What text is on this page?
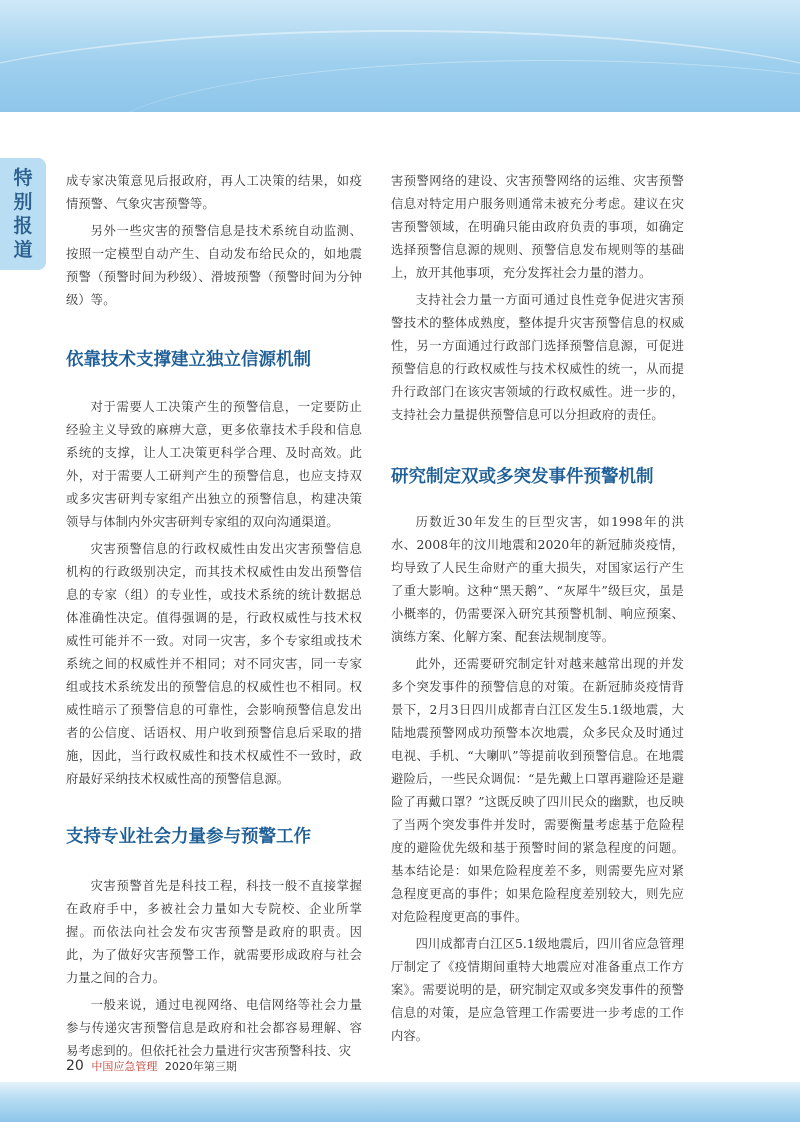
特
别
报
道

成专家决策意见后报政府，再人工决策的结果，如疫情预警、气象灾害预警等。

另外一些灾害的预警信息是技术系统自动监测、按照一定模型自动产生、自动发布给民众的，如地震预警（预警时间为秒级）、滑坡预警（预警时间为分钟级）等。

依靠技术支撑建立独立信源机制

对于需要人工决策产生的预警信息，一定要防止经验主义导致的麻痹大意，更多依靠技术手段和信息系统的支撑，让人工决策更科学合理、及时高效。此外，对于需要人工研判产生的预警信息，也应支持双或多灾害研判专家组产出独立的预警信息，构建决策领导与体制内外灾害研判专家组的双向沟通渠道。

灾害预警信息的行政权威性由发出灾害预警信息机构的行政级别决定，而其技术权威性由发出预警信息的专家（组）的专业性，或技术系统的统计数据总体准确性决定。值得强调的是，行政权威性与技术权威性可能并不一致。对同一灾害，多个专家组或技术系统之间的权威性并不相同；对不同灾害，同一专家组或技术系统发出的预警信息的权威性也不相同。权威性暗示了预警信息的可靠性，会影响预警信息发出者的公信度、话语权、用户收到预警信息后采取的措施，因此，当行政权威性和技术权威性不一致时，政府最好采纳技术权威性高的预警信息源。

支持专业社会力量参与预警工作

灾害预警首先是科技工程，科技一般不直接掌握在政府手中，多被社会力量如大专院校、企业所掌握。而依法向社会发布灾害预警是政府的职责。因此，为了做好灾害预警工作，就需要形成政府与社会力量之间的合力。

一般来说，通过电视网络、电信网络等社会力量参与传递灾害预警信息是政府和社会都容易理解、容易考虑到的。但依托社会力量进行灾害预警科技、灾

害预警网络的建设、灾害预警网络的运维、灾害预警信息对特定用户服务则通常未被充分考虑。建议在灾害预警领域，在明确只能由政府负责的事项，如确定选择预警信息源的规则、预警信息发布规则等的基础上，放开其他事项，充分发挥社会力量的潜力。

支持社会力量一方面可通过良性竞争促进灾害预警技术的整体成熟度，整体提升灾害预警信息的权威性，另一方面通过行政部门选择预警信息源，可促进预警信息的行政权威性与技术权威性的统一，从而提升行政部门在该灾害领域的行政权威性。进一步的，支持社会力量提供预警信息可以分担政府的责任。

研究制定双或多突发事件预警机制

历数近30年发生的巨型灾害，如1998年的洪水、2008年的汶川地震和2020年的新冠肺炎疫情，均导致了人民生命财产的重大损失，对国家运行产生了重大影响。这种“黑天鹅”、“灰犀牛”级巨灾，虽是小概率的，仍需要深入研究其预警机制、响应预案、演练方案、化解方案、配套法规制度等。

此外，还需要研究制定针对越来越常出现的并发多个突发事件的预警信息的对策。在新冠肺炎疫情背景下，2月3日四川成都青白江区发生5.1级地震，大陆地震预警网成功预警本次地震，众多民众及时通过电视、手机、“大喇叭”等提前收到预警信息。在地震避险后，一些民众调侃：“是先戴上口罩再避险还是避险了再戴口罩？”这既反映了四川民众的幽默，也反映了当两个突发事件并发时，需要衡量考虑基于危险程度的避险优先级和基于预警时间的紧急程度的问题。基本结论是：如果危险程度差不多，则需要先应对紧急程度更高的事件；如果危险程度差别较大，则先应对危险程度更高的事件。

四川成都青白江区5.1级地震后，四川省应急管理厅制定了《疫情期间重特大地震应对准备重点工作方案》。需要说明的是，研究制定双或多突发事件的预警信息的对策，是应急管理工作需要进一步考虑的工作内容。

20 中国应急管理 2020年第三期
